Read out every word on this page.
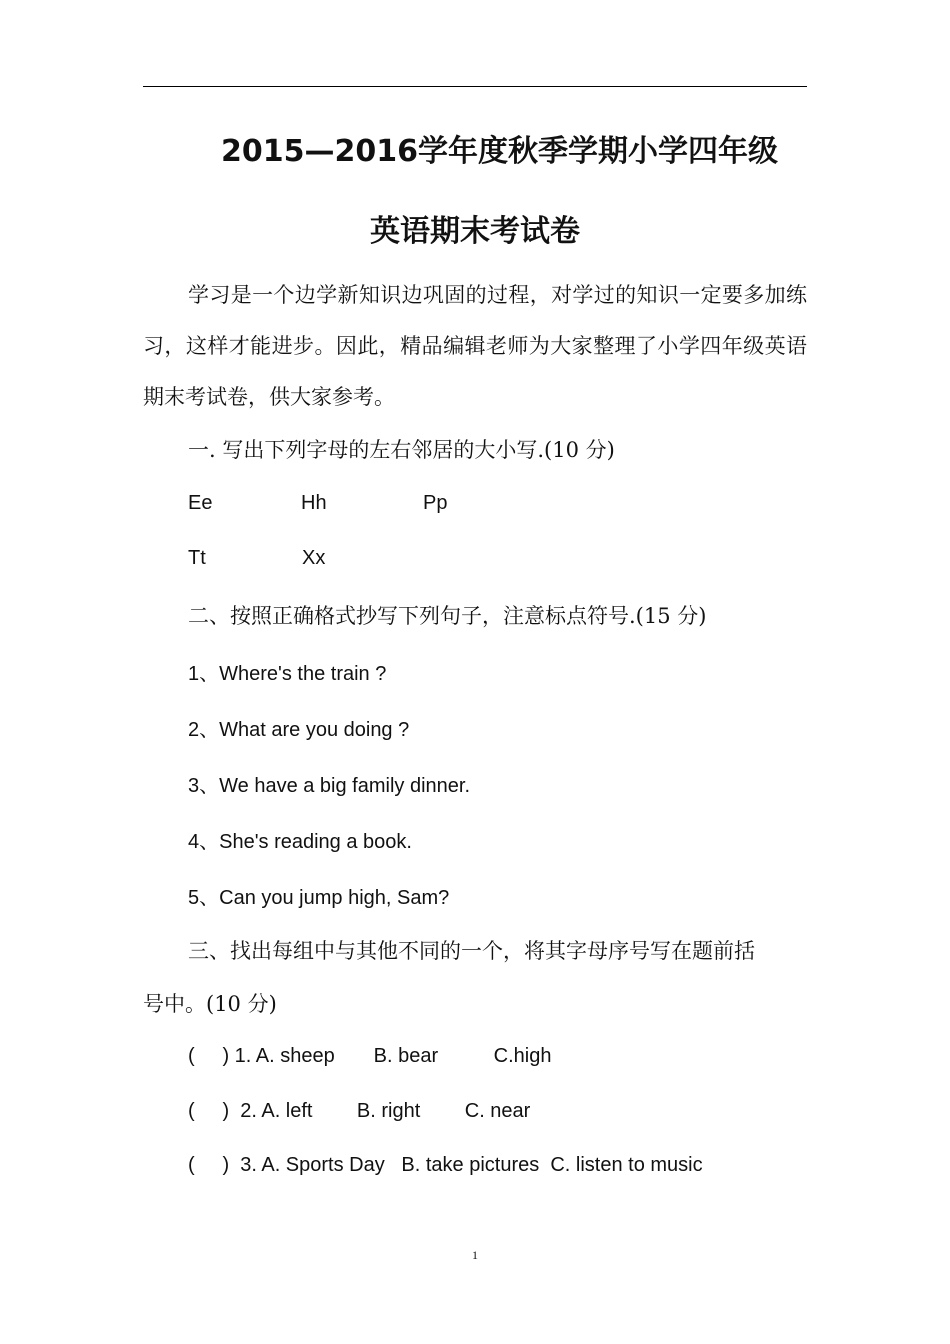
2015—2016学年度秋季学期小学四年级
英语期末考试卷
学习是一个边学新知识边巩固的过程，对学过的知识一定要多加练习，这样才能进步。因此，精品编辑老师为大家整理了小学四年级英语期末考试卷，供大家参考。
一. 写出下列字母的左右邻居的大小写.(10 分)
Ee	Hh	Pp
Tt	Xx
二、按照正确格式抄写下列句子，注意标点符号.(15 分)
1、Where's the train ?
2、What are you doing ?
3、We have a big family dinner.
4、She's reading a book.
5、Can you jump high, Sam?
三、找出每组中与其他不同的一个，将其字母序号写在题前括
号中。(10 分)
(     ) 1. A. sheep       B. bear          C.high
(     )  2. A. left        B. right        C. near
(     )  3. A. Sports Day   B. take pictures  C. listen to music
1
